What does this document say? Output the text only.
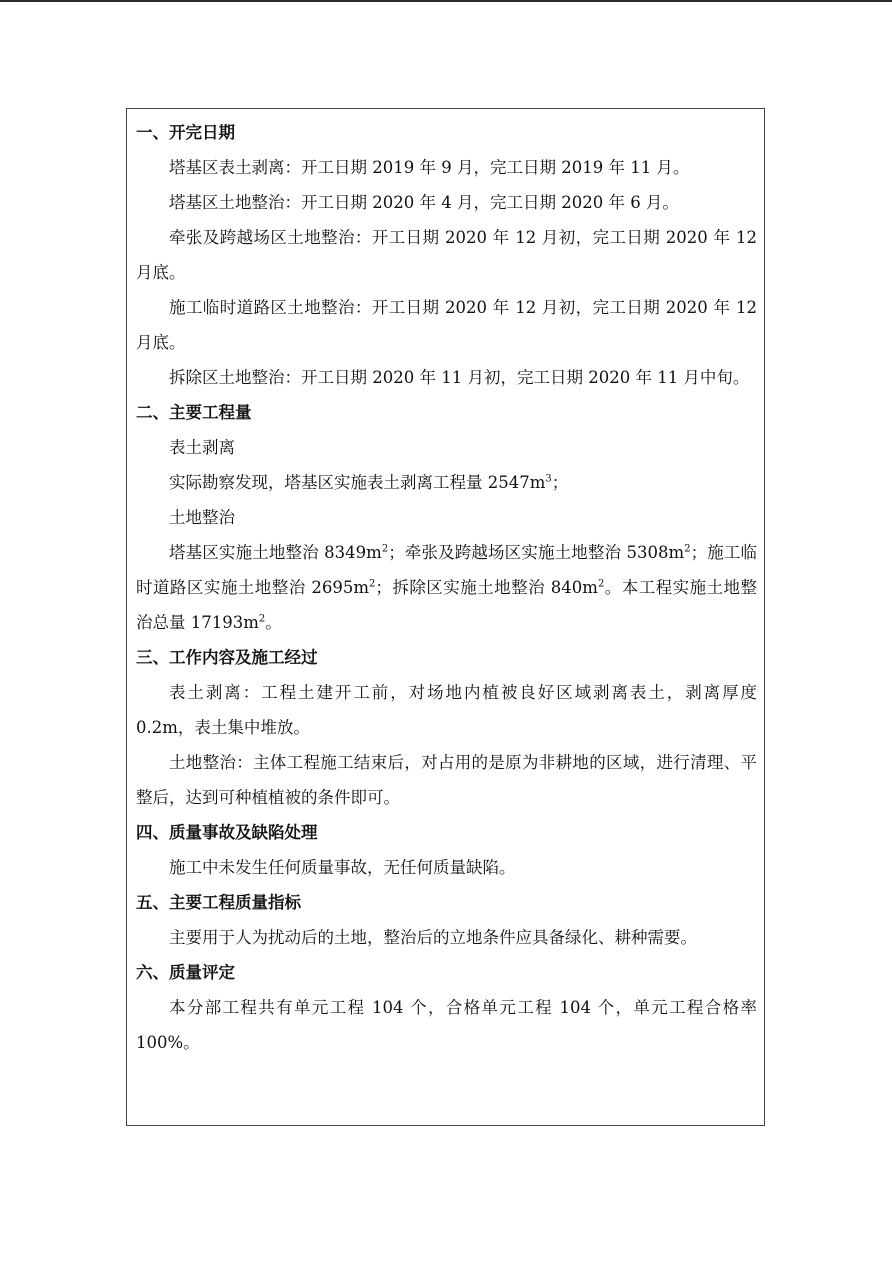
一、开完日期
塔基区表土剥离：开工日期 2019 年 9 月，完工日期 2019 年 11 月。
塔基区土地整治：开工日期 2020 年 4 月，完工日期 2020 年 6 月。
牵张及跨越场区土地整治：开工日期 2020 年 12 月初，完工日期 2020 年 12 月底。
施工临时道路区土地整治：开工日期 2020 年 12 月初，完工日期 2020 年 12 月底。
拆除区土地整治：开工日期 2020 年 11 月初，完工日期 2020 年 11 月中旬。
二、主要工程量
表土剥离
实际勘察发现，塔基区实施表土剥离工程量 $2547m^3$；
土地整治
塔基区实施土地整治 $8349m^2$；牵张及跨越场区实施土地整治 $5308m^2$；施工临时道路区实施土地整治 $2695m^2$；拆除区实施土地整治 $840m^2$。本工程实施土地整治总量 $17193m^2$。
三、工作内容及施工经过
表土剥离：工程土建开工前，对场地内植被良好区域剥离表土，剥离厚度 0.2m，表土集中堆放。
土地整治：主体工程施工结束后，对占用的是原为非耕地的区域，进行清理、平整后，达到可种植植被的条件即可。
四、质量事故及缺陷处理
施工中未发生任何质量事故，无任何质量缺陷。
五、主要工程质量指标
主要用于人为扰动后的土地，整治后的立地条件应具备绿化、耕种需要。
六、质量评定
本分部工程共有单元工程 104 个，合格单元工程 104 个，单元工程合格率 100%。
